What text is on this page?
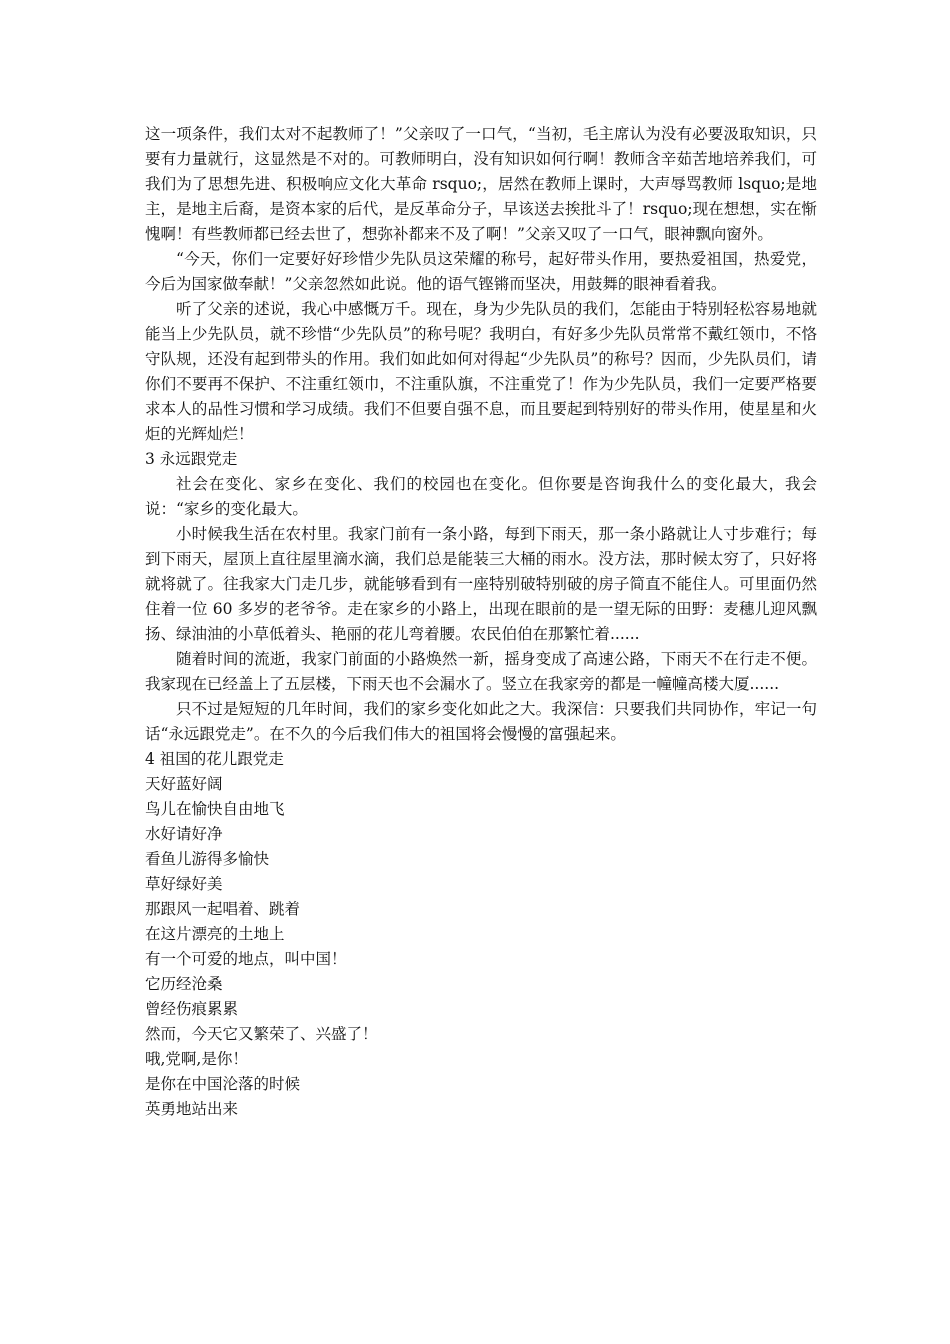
这一项条件，我们太对不起教师了！”父亲叹了一口气，“当初，毛主席认为没有必要汲取知识，只要有力量就行，这显然是不对的。可教师明白，没有知识如何行啊！教师含辛茹苦地培养我们，可我们为了思想先进、积极响应文化大革命 rsquo;，居然在教师上课时，大声辱骂教师 lsquo;是地主，是地主后裔，是资本家的后代，是反革命分子，早该送去挨批斗了！rsquo;现在想想，实在惭愧啊！有些教师都已经去世了，想弥补都来不及了啊！”父亲又叹了一口气，眼神飘向窗外。

“今天，你们一定要好好珍惜少先队员这荣耀的称号，起好带头作用，要热爱祖国，热爱党，今后为国家做奉献！”父亲忽然如此说。他的语气铿锵而坚决，用鼓舞的眼神看着我。

听了父亲的述说，我心中感慨万千。现在，身为少先队员的我们，怎能由于特别轻松容易地就能当上少先队员，就不珍惜“少先队员”的称号呢？我明白，有好多少先队员常常不戴红领巾，不恪守队规，还没有起到带头的作用。我们如此如何对得起“少先队员”的称号？因而，少先队员们，请你们不要再不保护、不注重红领巾，不注重队旗，不注重党了！作为少先队员，我们一定要严格要求本人的品性习惯和学习成绩。我们不但要自强不息，而且要起到特别好的带头作用，使星星和火炬的光辉灿烂！

3 永远跟党走

社会在变化、家乡在变化、我们的校园也在变化。但你要是咨询我什么的变化最大，我会说：“家乡的变化最大。

小时候我生活在农村里。我家门前有一条小路，每到下雨天，那一条小路就让人寸步难行；每到下雨天，屋顶上直往屋里滴水滴，我们总是能装三大桶的雨水。没方法，那时候太穷了，只好将就将就了。往我家大门走几步，就能够看到有一座特别破特别破的房子简直不能住人。可里面仍然住着一位 60 多岁的老爷爷。走在家乡的小路上，出现在眼前的是一望无际的田野：麦穗儿迎风飘扬、绿油油的小草低着头、艳丽的花儿弯着腰。农民伯伯在那繁忙着......

随着时间的流逝，我家门前面的小路焕然一新，摇身变成了高速公路，下雨天不在行走不便。我家现在已经盖上了五层楼，下雨天也不会漏水了。竖立在我家旁的都是一幢幢高楼大厦......

只不过是短短的几年时间，我们的家乡变化如此之大。我深信：只要我们共同协作，牢记一句话“永远跟党走”。在不久的今后我们伟大的祖国将会慢慢的富强起来。

4 祖国的花儿跟党走

天好蓝好阔

鸟儿在愉快自由地飞

水好请好净

看鱼儿游得多愉快

草好绿好美

那跟风一起唱着、跳着

在这片漂亮的土地上

有一个可爱的地点，叫中国！

它历经沧桑

曾经伤痕累累

然而，今天它又繁荣了、兴盛了！

哦,党啊,是你！

是你在中国沦落的时候

英勇地站出来
